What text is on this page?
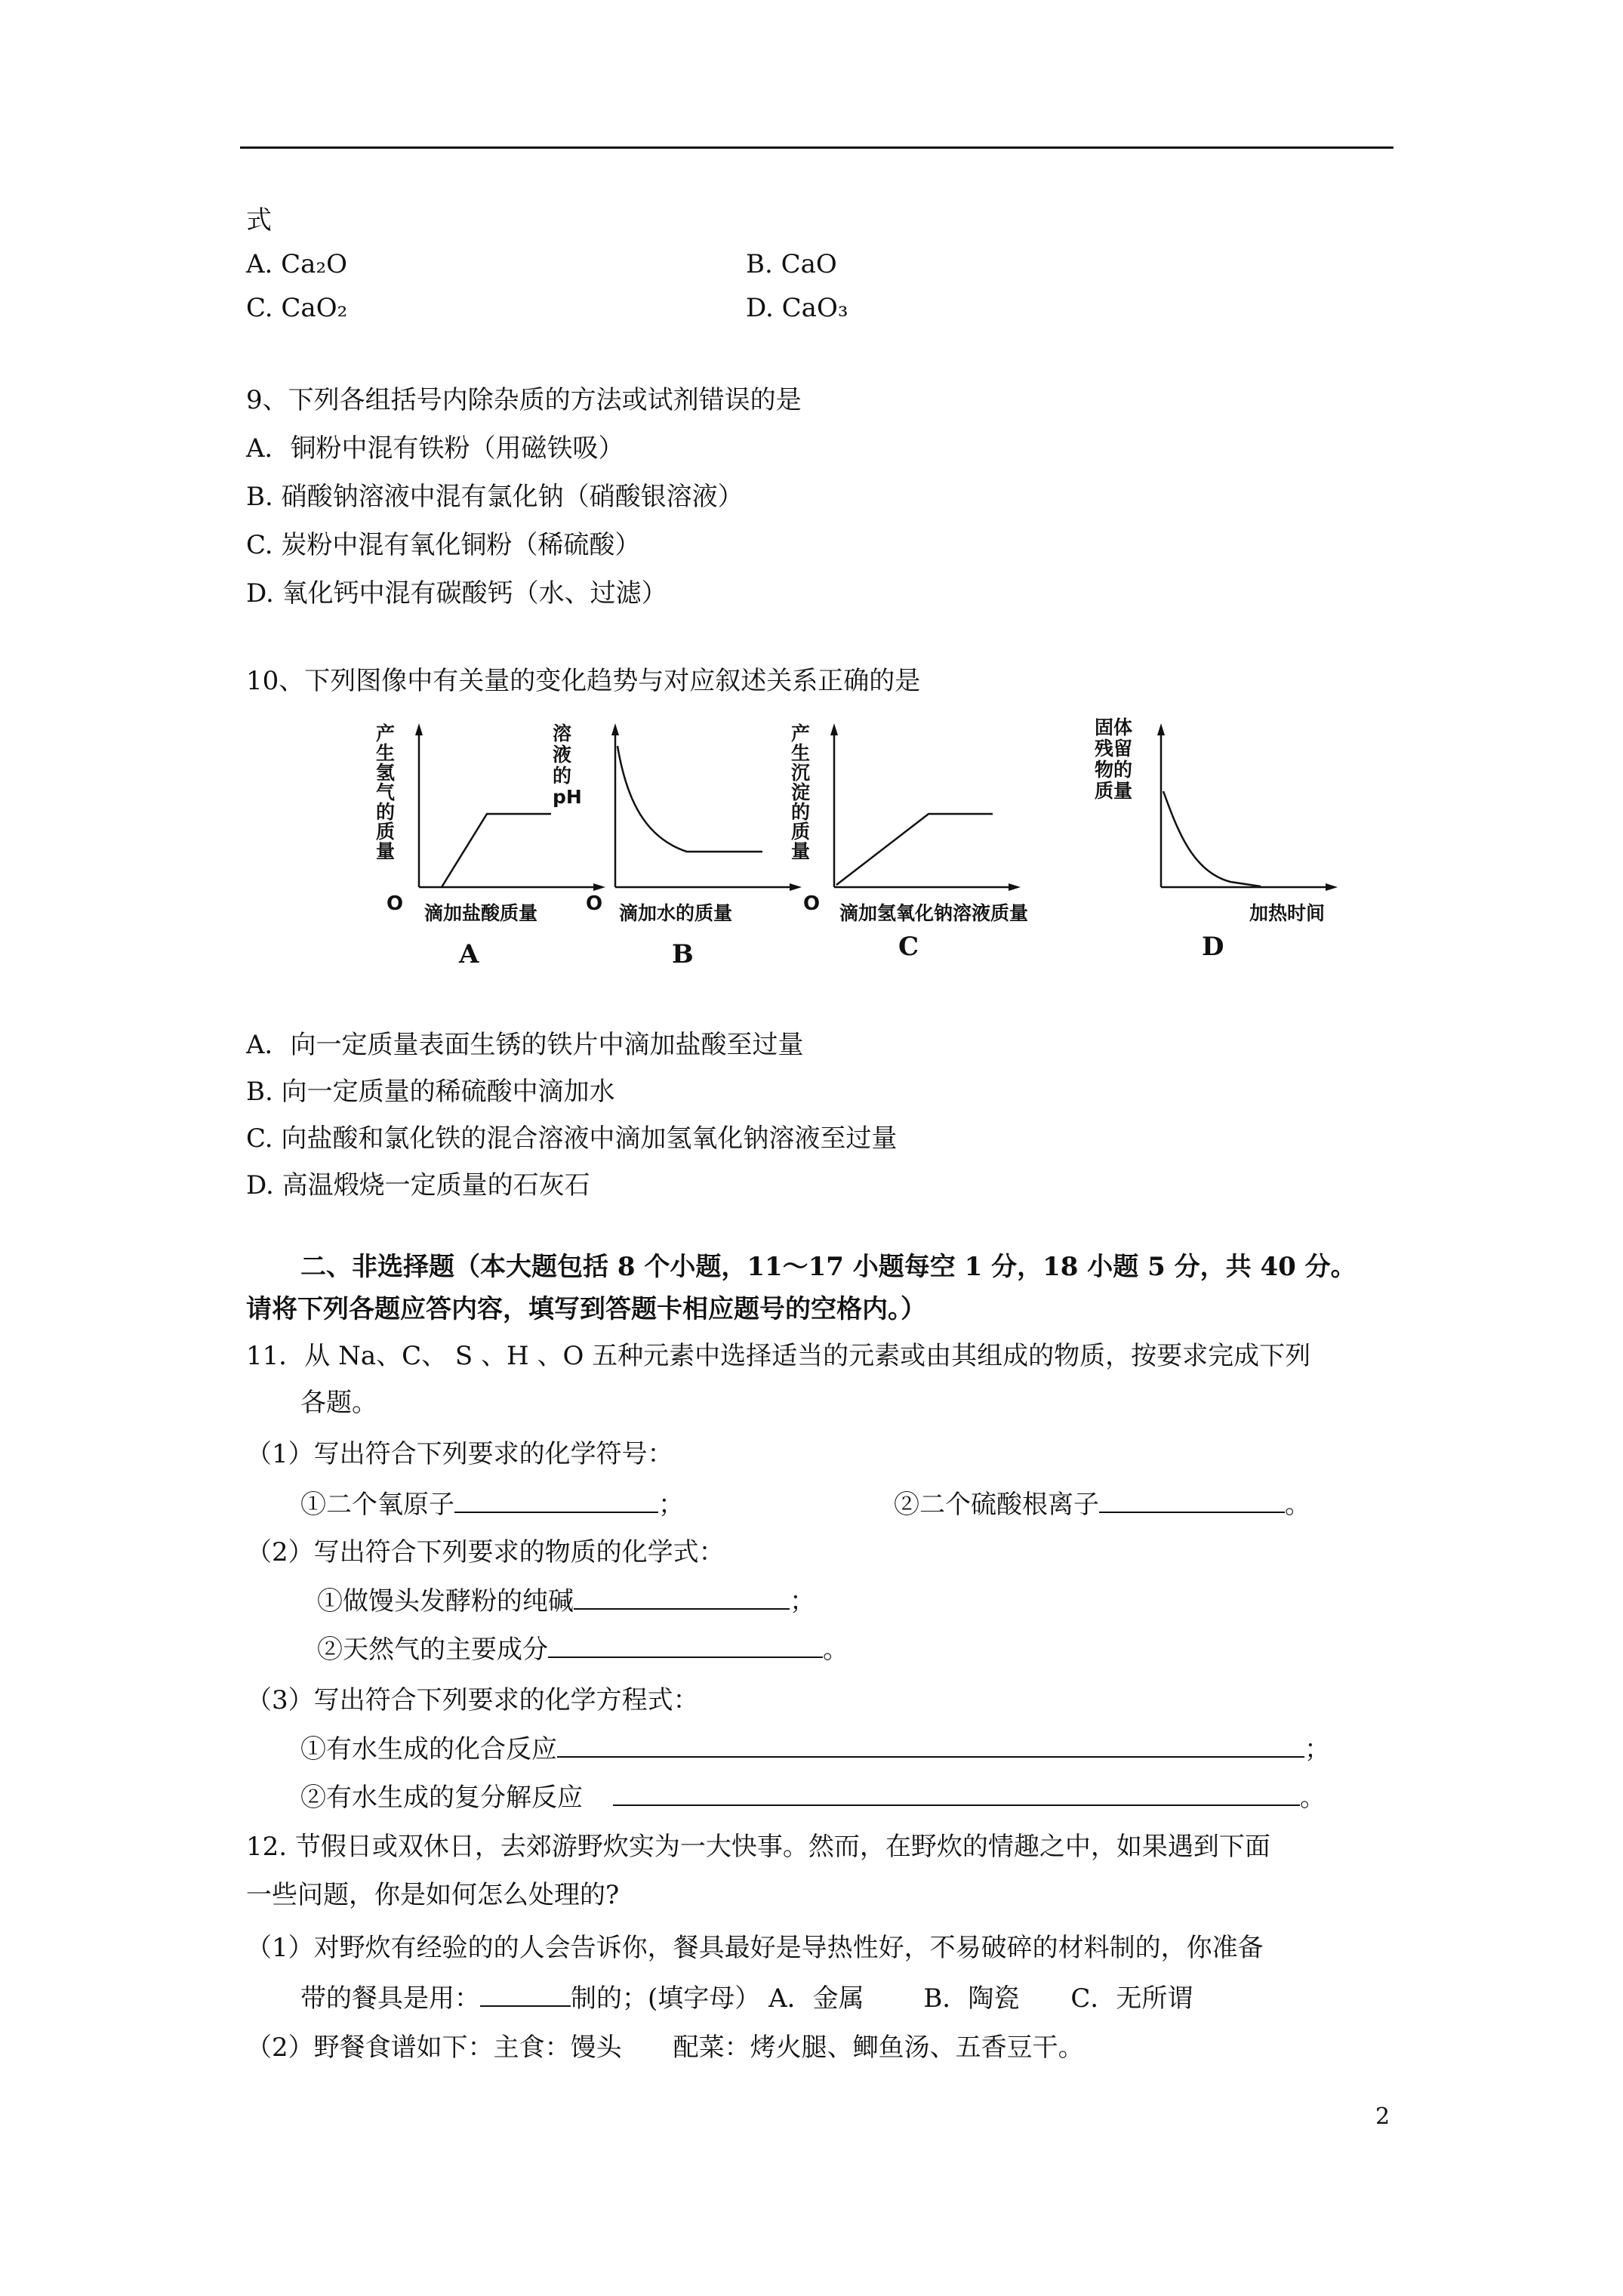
式
A. Ca₂O	B. CaO
C. CaO₂	D. CaO₃
9、下列各组括号内除杂质的方法或试剂错误的是
A．铜粉中混有铁粉（用磁铁吸）
B. 硝酸钠溶液中混有氯化钠（硝酸银溶液）
C. 炭粉中混有氧化铜粉（稀硫酸）
D. 氧化钙中混有碳酸钙（水、过滤）
10、下列图像中有关量的变化趋势与对应叙述关系正确的是
产
生
氢
气
的
质
量
O 滴加盐酸质量
A
溶
液
的
pH
O 滴加水的质量
B
产
生
沉
淀
的
质
量
O 滴加氢氧化钠溶液质量
C
固体
残留
物的
质量
加热时间
D
A．向一定质量表面生锈的铁片中滴加盐酸至过量
B. 向一定质量的稀硫酸中滴加水
C. 向盐酸和氯化铁的混合溶液中滴加氢氧化钠溶液至过量
D. 高温煅烧一定质量的石灰石
二、非选择题（本大题包括 8 个小题，11～17 小题每空 1 分，18 小题 5 分，共 40 分。
请将下列各题应答内容，填写到答题卡相应题号的空格内。）
11．从 Na、C、 S 、H 、O 五种元素中选择适当的元素或由其组成的物质，按要求完成下列
各题。
（1）写出符合下列要求的化学符号：
①二个氧原子	；	②二个硫酸根离子	。
（2）写出符合下列要求的物质的化学式：
①做馒头发酵粉的纯碱	；
②天然气的主要成分	。
（3）写出符合下列要求的化学方程式：
①有水生成的化合反应	；
②有水生成的复分解反应	。
12. 节假日或双休日，去郊游野炊实为一大快事。然而，在野炊的情趣之中，如果遇到下面
一些问题，你是如何怎么处理的?
（1）对野炊有经验的的人会告诉你，餐具最好是导热性好，不易破碎的材料制的，你准备
带的餐具是用：	制的；(填字母） A．金属　　 B．陶瓷　　C．无所谓
（2）野餐食谱如下：主食：馒头　　配菜：烤火腿、鲫鱼汤、五香豆干。
2
